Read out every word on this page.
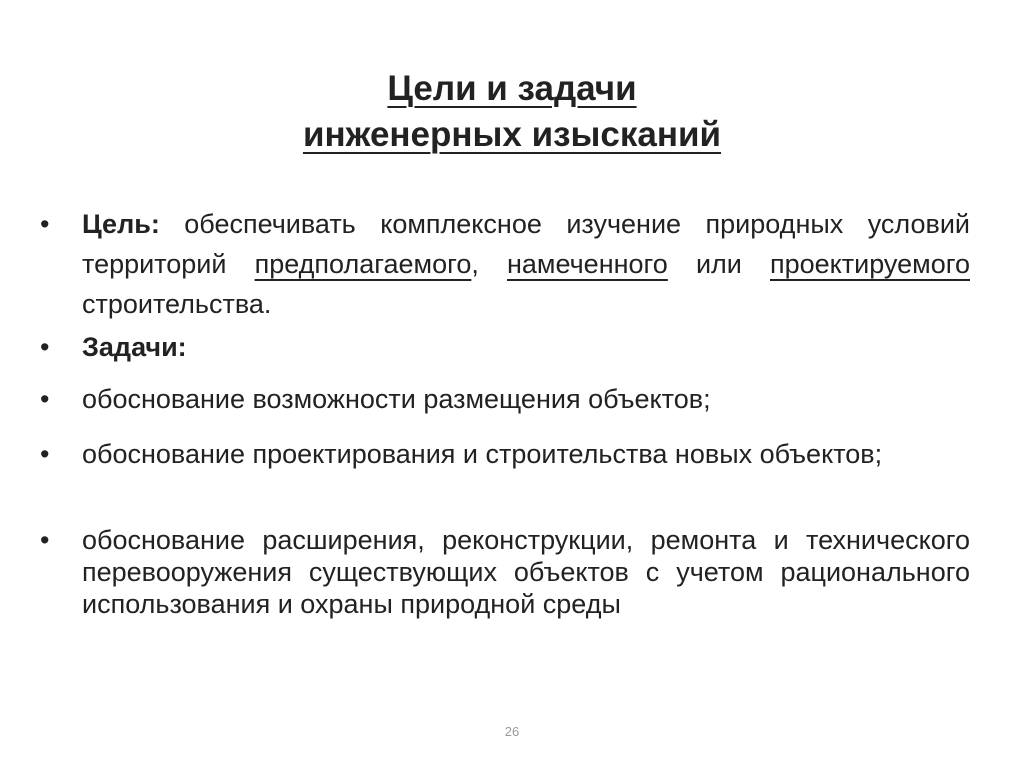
Цели и задачи
инженерных изысканий
•	Цель: обеспечивать комплексное изучение природных условий территорий предполагаемого, намеченного или проектируемого строительства.
•	Задачи:
•	обоснование возможности размещения объектов;
•	обоснование проектирования и строительства новых объектов;
•	обоснование расширения, реконструкции, ремонта и технического перевооружения существующих объектов с учетом рационального использования и охраны природной среды
26
